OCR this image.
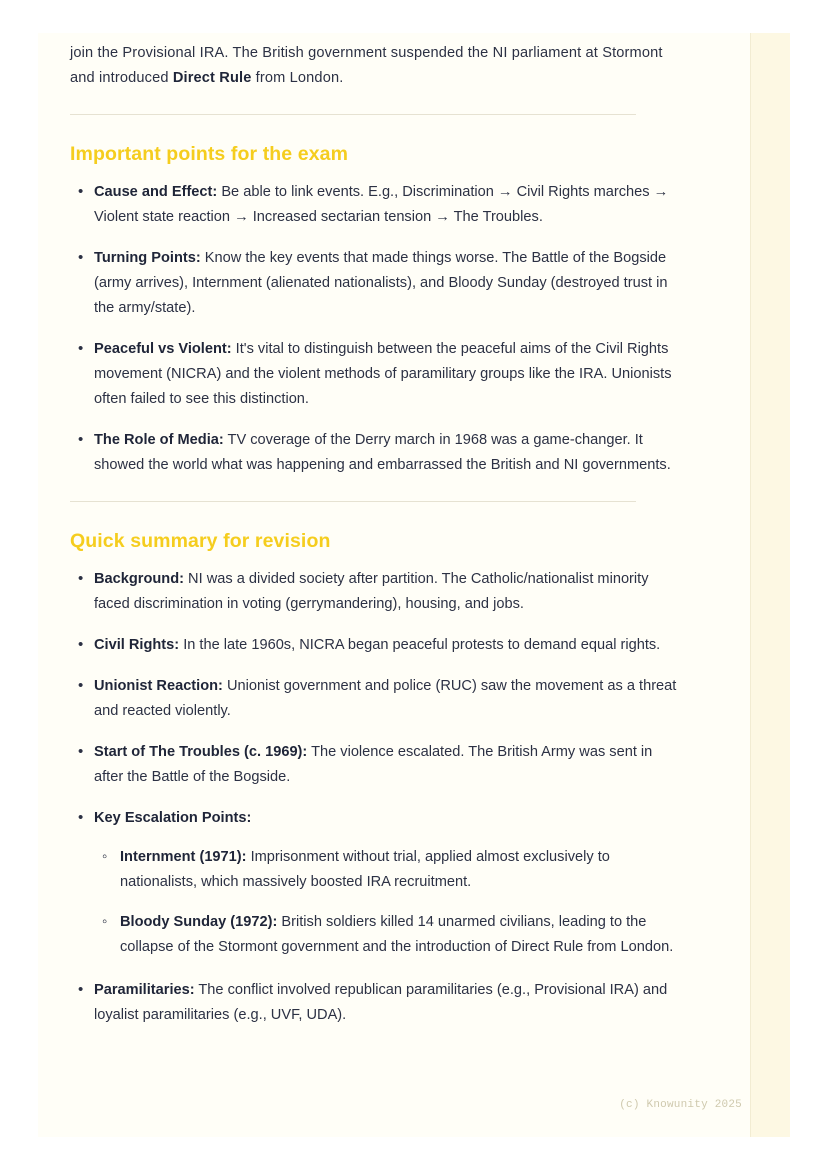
join the Provisional IRA. The British government suspended the NI parliament at Stormont and introduced Direct Rule from London.

Important points for the exam
• Cause and Effect: Be able to link events. E.g., Discrimination → Civil Rights marches → Violent state reaction → Increased sectarian tension → The Troubles.
• Turning Points: Know the key events that made things worse. The Battle of the Bogside (army arrives), Internment (alienated nationalists), and Bloody Sunday (destroyed trust in the army/state).
• Peaceful vs Violent: It's vital to distinguish between the peaceful aims of the Civil Rights movement (NICRA) and the violent methods of paramilitary groups like the IRA. Unionists often failed to see this distinction.
• The Role of Media: TV coverage of the Derry march in 1968 was a game-changer. It showed the world what was happening and embarrassed the British and NI governments.
Quick summary for revision
• Background: NI was a divided society after partition. The Catholic/nationalist minority faced discrimination in voting (gerrymandering), housing, and jobs.
• Civil Rights: In the late 1960s, NICRA began peaceful protests to demand equal rights.
• Unionist Reaction: Unionist government and police (RUC) saw the movement as a threat and reacted violently.
• Start of The Troubles (c. 1969): The violence escalated. The British Army was sent in after the Battle of the Bogside.
• Key Escalation Points:
◦ Internment (1971): Imprisonment without trial, applied almost exclusively to nationalists, which massively boosted IRA recruitment.
◦ Bloody Sunday (1972): British soldiers killed 14 unarmed civilians, leading to the collapse of the Stormont government and the introduction of Direct Rule from London.
• Paramilitaries: The conflict involved republican paramilitaries (e.g., Provisional IRA) and loyalist paramilitaries (e.g., UVF, UDA).
(c) Knowunity 2025
